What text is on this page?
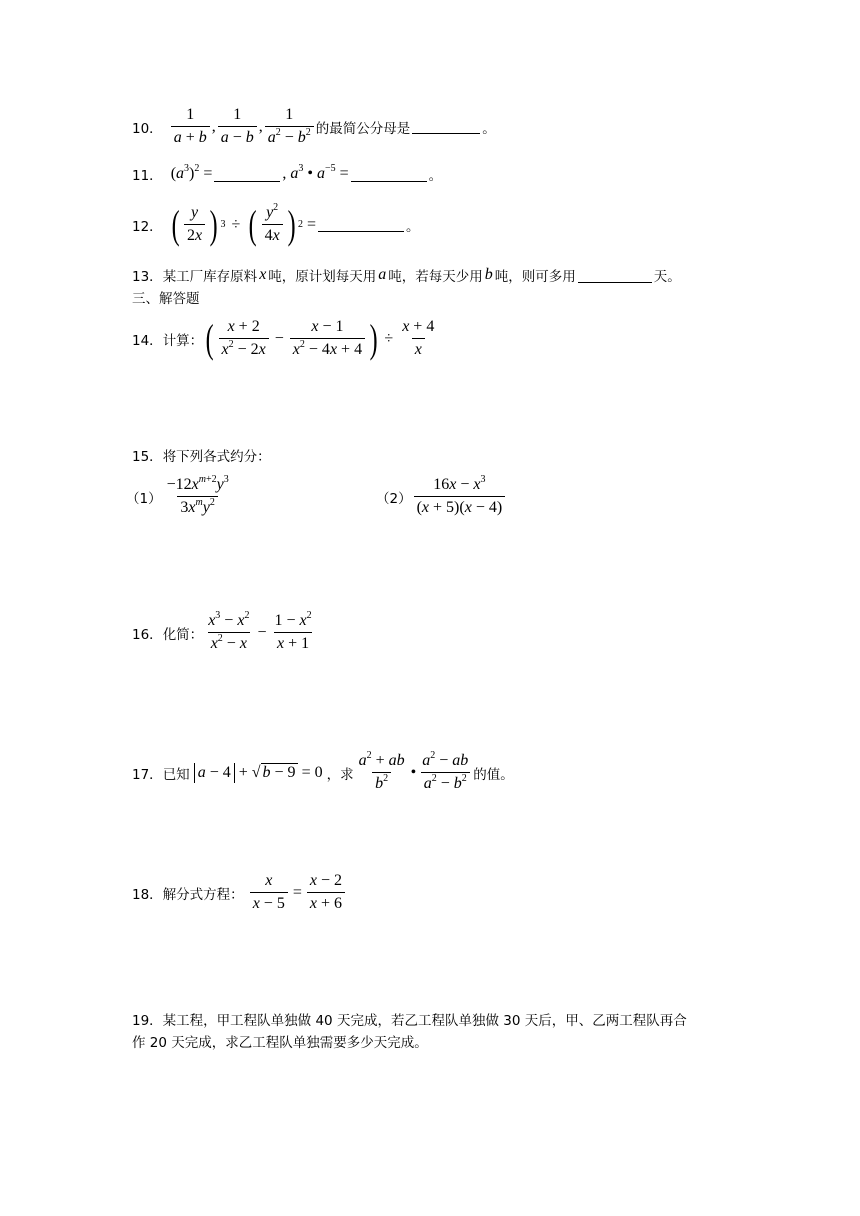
10． $\frac{1}{a + b}$ , $\frac{1}{a - b}$ , $\frac{1}{a^2 - b^2}$ 的最简公分母是	。
11． $(a^3)^2$ =	, $a^3$ • $a^{-5}$ =	。
12． ( $\frac{y}{2x}$ ) 3 ÷ ( $\frac{y^2}{4x}$ ) 2 =	。
13． 某工厂库存原料 x 吨，原计划每天用 a 吨，若每天少用 b 吨，则可多用	天。
三、解答题
14． 计算： ( $\frac{x + 2}{x^2 - 2x} - \frac{x - 1}{x^2 - 4x + 4}$ ) ÷ $\frac{x + 4}{x}$
15． 将下列各式约分：
$(1) \frac{-12x^{m+2}y^3}{3x^my^2}$	$(2) \frac{16x - x^3}{(x + 5)(x - 4)}$
16． 化简： $\frac{x^3 - x^2}{x^2 - x} - \frac{1 - x^2}{x + 1}$
17． 已知 a − 4 + √ b − 9 = 0 ，求 $\frac{a^2 + ab}{b^2}$ • $\frac{a^2 - ab}{a^2 - b^2}$ 的值。
18． 解分式方程： $\frac{x}{x - 5} = \frac{x - 2}{x + 6}$
19．某工程，甲工程队单独做 40 天完成，若乙工程队单独做 30 天后，甲、乙两工程队再合
作 20 天完成，求乙工程队单独需要多少天完成。
